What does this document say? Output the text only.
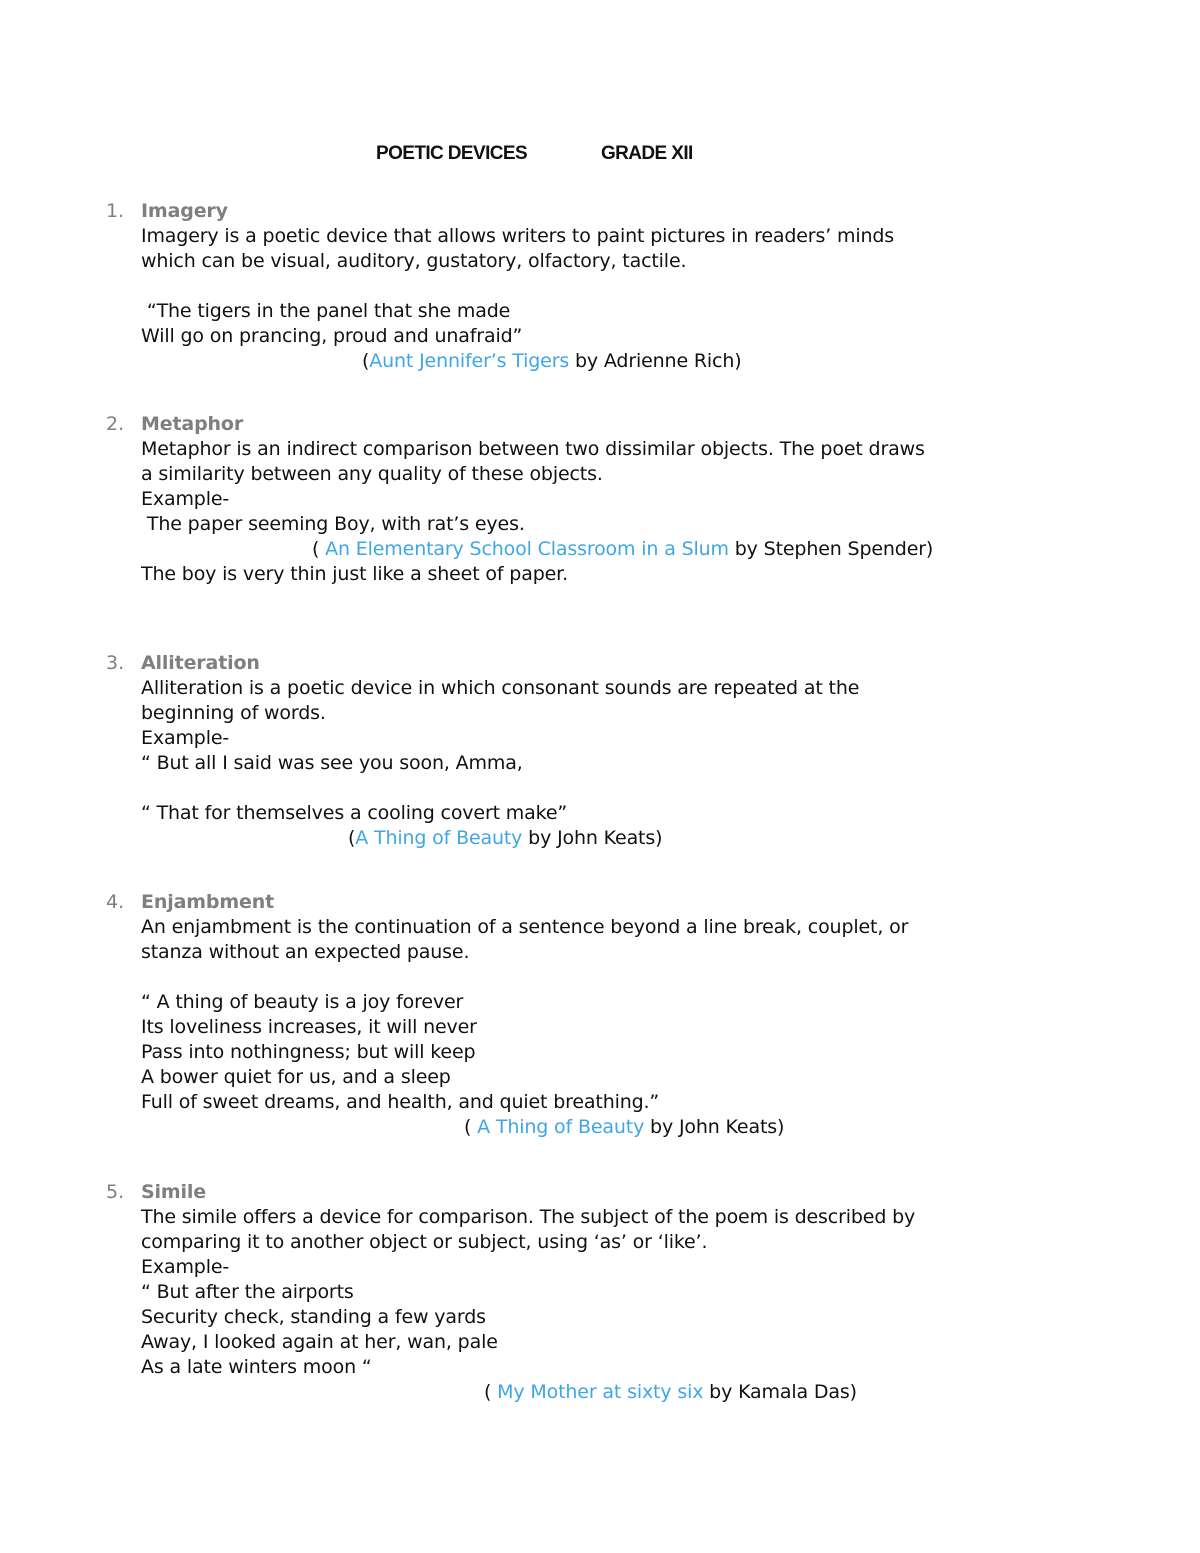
POETIC DEVICES	GRADE XII
1. Imagery
Imagery is a poetic device that allows writers to paint pictures in readers’ minds
which can be visual, auditory, gustatory, olfactory, tactile.
“The tigers in the panel that she made
Will go on prancing, proud and unafraid”
(Aunt Jennifer’s Tigers by Adrienne Rich)
2. Metaphor
Metaphor is an indirect comparison between two dissimilar objects. The poet draws
a similarity between any quality of these objects.
Example-
The paper seeming Boy, with rat’s eyes.
( An Elementary School Classroom in a Slum by Stephen Spender)
The boy is very thin just like a sheet of paper.
3. Alliteration
Alliteration is a poetic device in which consonant sounds are repeated at the
beginning of words.
Example-
“ But all I said was see you soon, Amma,
“ That for themselves a cooling covert make”
(A Thing of Beauty by John Keats)
4. Enjambment
An enjambment is the continuation of a sentence beyond a line break, couplet, or
stanza without an expected pause.
“ A thing of beauty is a joy forever
Its loveliness increases, it will never
Pass into nothingness; but will keep
A bower quiet for us, and a sleep
Full of sweet dreams, and health, and quiet breathing.”
( A Thing of Beauty by John Keats)
5. Simile
The simile offers a device for comparison. The subject of the poem is described by
comparing it to another object or subject, using ‘as’ or ‘like’.
Example-
“ But after the airports
Security check, standing a few yards
Away, I looked again at her, wan, pale
As a late winters moon “
( My Mother at sixty six by Kamala Das)
